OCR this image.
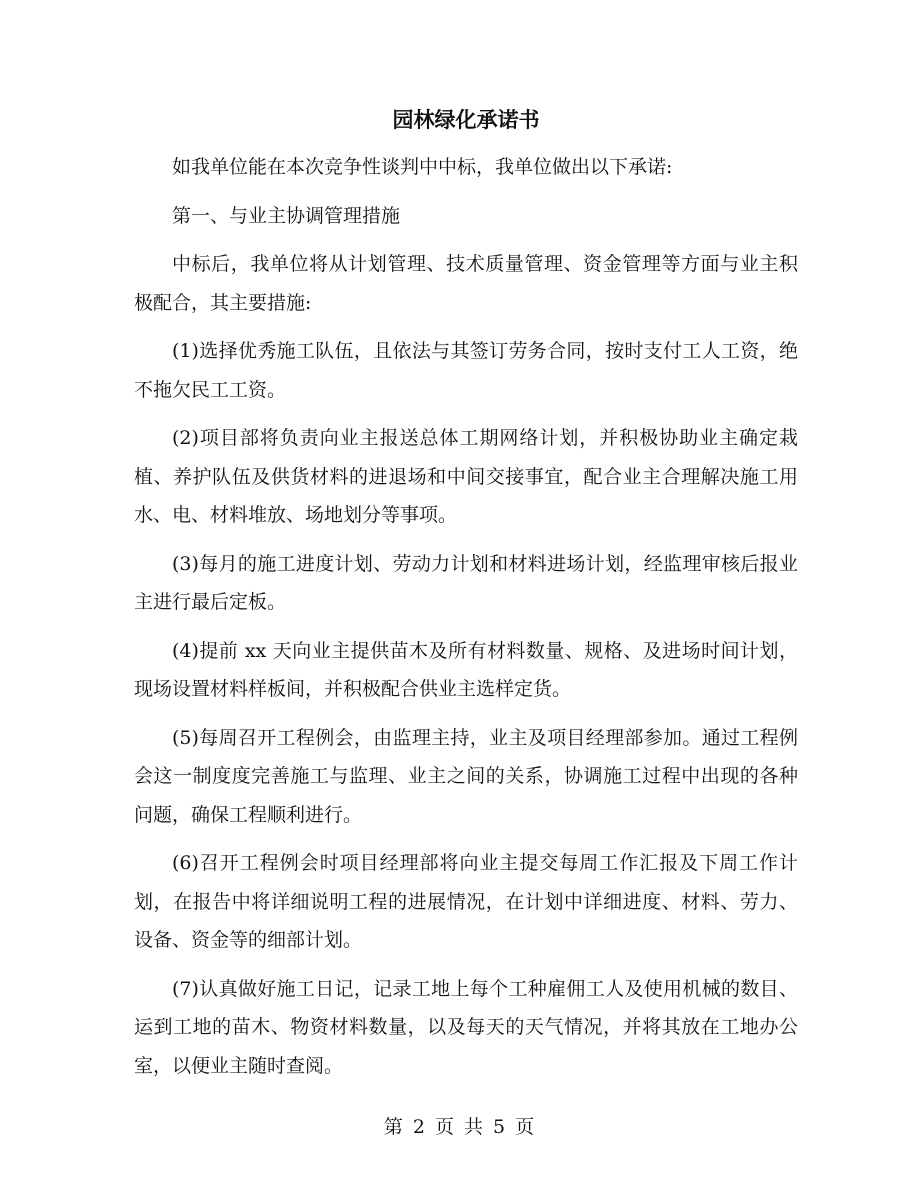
园林绿化承诺书

如我单位能在本次竞争性谈判中中标，我单位做出以下承诺:

第一、与业主协调管理措施

中标后，我单位将从计划管理、技术质量管理、资金管理等方面与业主积极配合，其主要措施:

(1)选择优秀施工队伍，且依法与其签订劳务合同，按时支付工人工资，绝不拖欠民工工资。

(2)项目部将负责向业主报送总体工期网络计划，并积极协助业主确定栽植、养护队伍及供货材料的进退场和中间交接事宜，配合业主合理解决施工用水、电、材料堆放、场地划分等事项。

(3)每月的施工进度计划、劳动力计划和材料进场计划，经监理审核后报业主进行最后定板。

(4)提前 xx 天向业主提供苗木及所有材料数量、规格、及进场时间计划，现场设置材料样板间，并积极配合供业主选样定货。

(5)每周召开工程例会，由监理主持，业主及项目经理部参加。通过工程例会这一制度度完善施工与监理、业主之间的关系，协调施工过程中出现的各种问题，确保工程顺利进行。

(6)召开工程例会时项目经理部将向业主提交每周工作汇报及下周工作计划，在报告中将详细说明工程的进展情况，在计划中详细进度、材料、劳力、设备、资金等的细部计划。

(7)认真做好施工日记，记录工地上每个工种雇佣工人及使用机械的数目、运到工地的苗木、物资材料数量，以及每天的天气情况，并将其放在工地办公室，以便业主随时查阅。

第 2 页 共 5 页
